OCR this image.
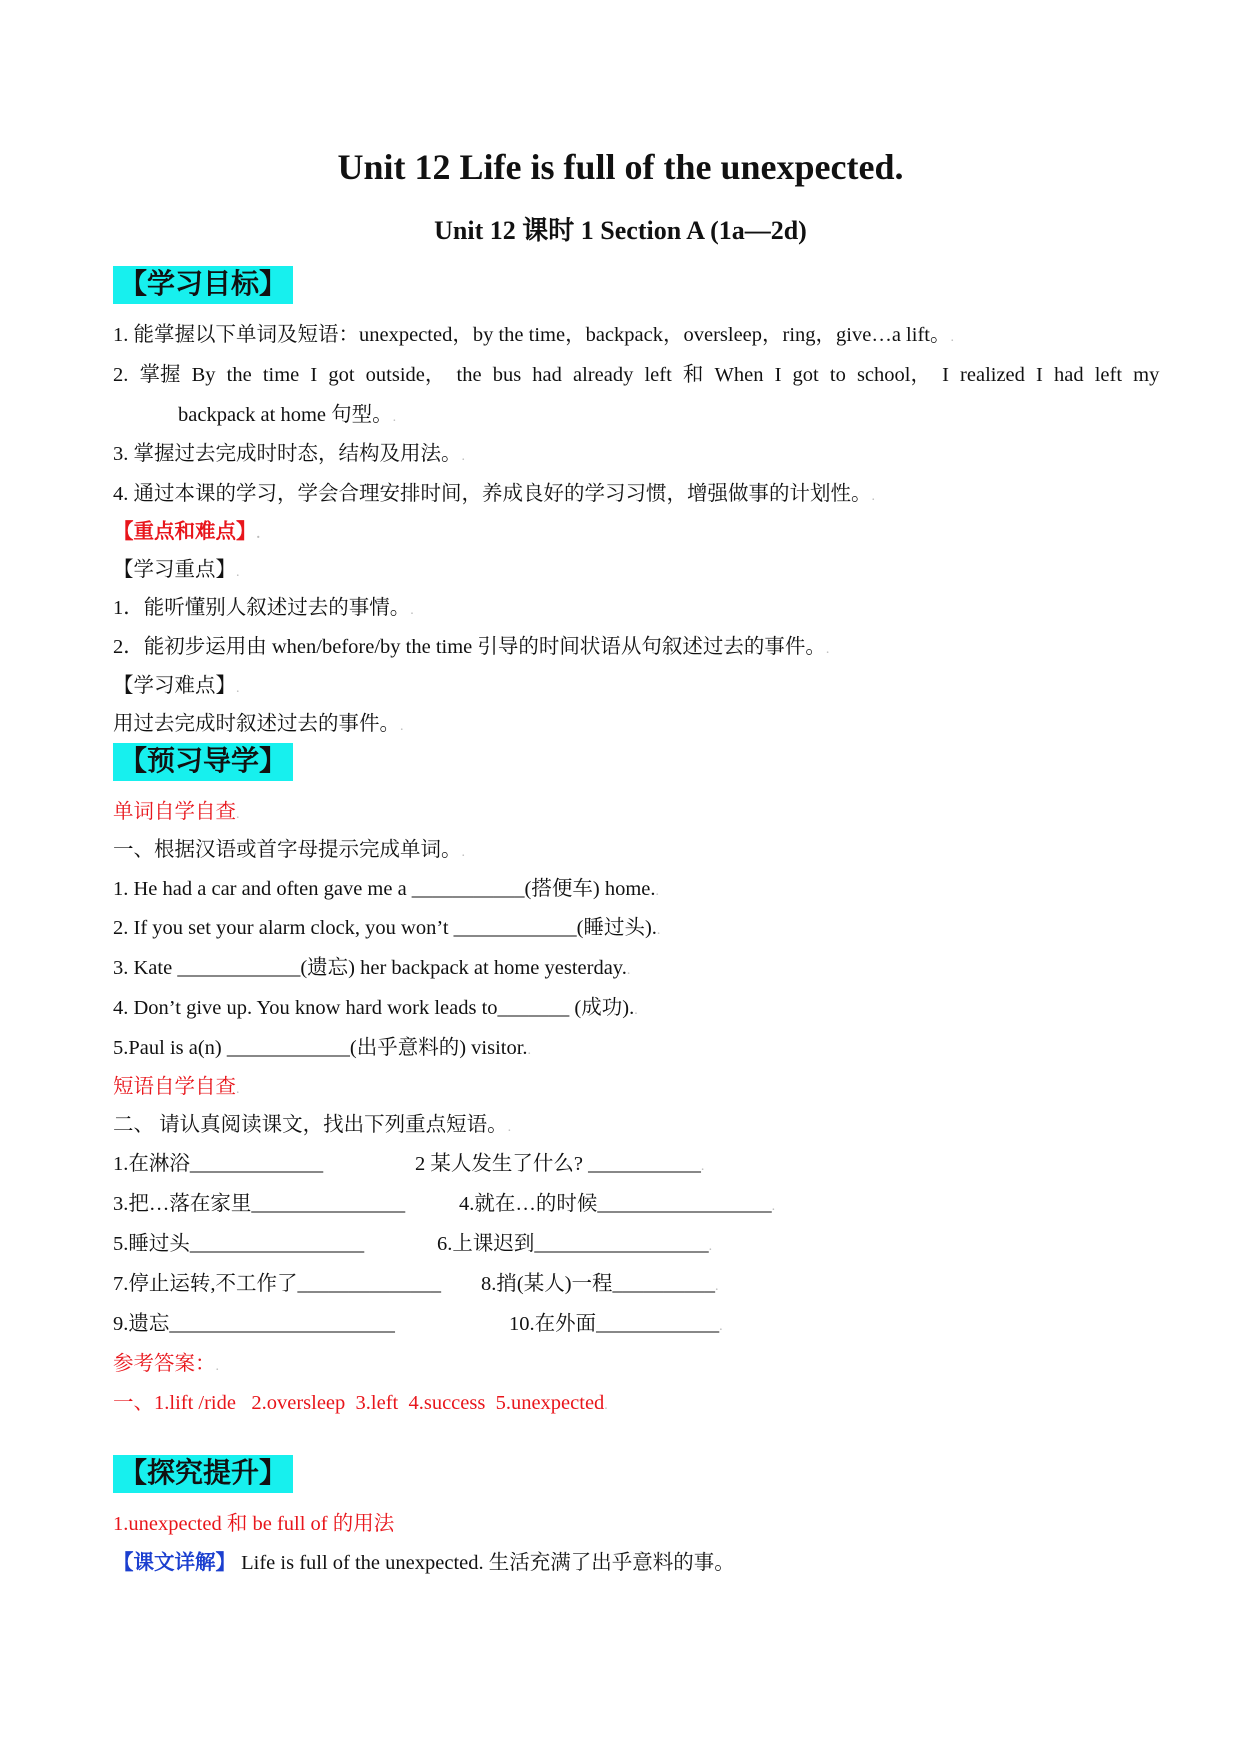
Unit 12 Life is full of the unexpected.
Unit 12 课时 1 Section A (1a—2d)
【学习目标】
1. 能掌握以下单词及短语：unexpected，by the time，backpack，oversleep，ring，give…a lift。.
2. 掌握 By the time I got outside， the bus had already left 和 When I got to school， I realized I had left my
backpack at home 句型。.
3. 掌握过去完成时时态，结构及用法。.
4. 通过本课的学习，学会合理安排时间，养成良好的学习习惯，增强做事的计划性。.
【重点和难点】.
【学习重点】.
1．能听懂别人叙述过去的事情。.
2．能初步运用由 when/before/by the time 引导的时间状语从句叙述过去的事件。.
【学习难点】.
用过去完成时叙述过去的事件。.
【预习导学】
单词自学自查.
一、根据汉语或首字母提示完成单词。.
1. He had a car and often gave me a ___________(搭便车) home..
2. If you set your alarm clock, you won’t ____________(睡过头)..
3. Kate ____________(遗忘) her backpack at home yesterday..
4. Don’t give up. You know hard work leads to_______ (成功)..
5.Paul is a(n) ____________(出乎意料的) visitor..
短语自学自查.
二、 请认真阅读课文，找出下列重点短语。.
1.在淋浴_____________	2 某人发生了什么? ___________.
3.把…落在家里_______________	4.就在…的时候_________________.
5.睡过头_________________	6.上课迟到_________________.
7.停止运转,不工作了______________ 8.捎(某人)一程__________.
9.遗忘______________________	10.在外面____________.
参考答案：.
一、1.lift /ride   2.oversleep  3.left  4.success  5.unexpected.
【探究提升】
1.unexpected 和 be full of 的用法
【课文详解】 Life is full of the unexpected. 生活充满了出乎意料的事。
